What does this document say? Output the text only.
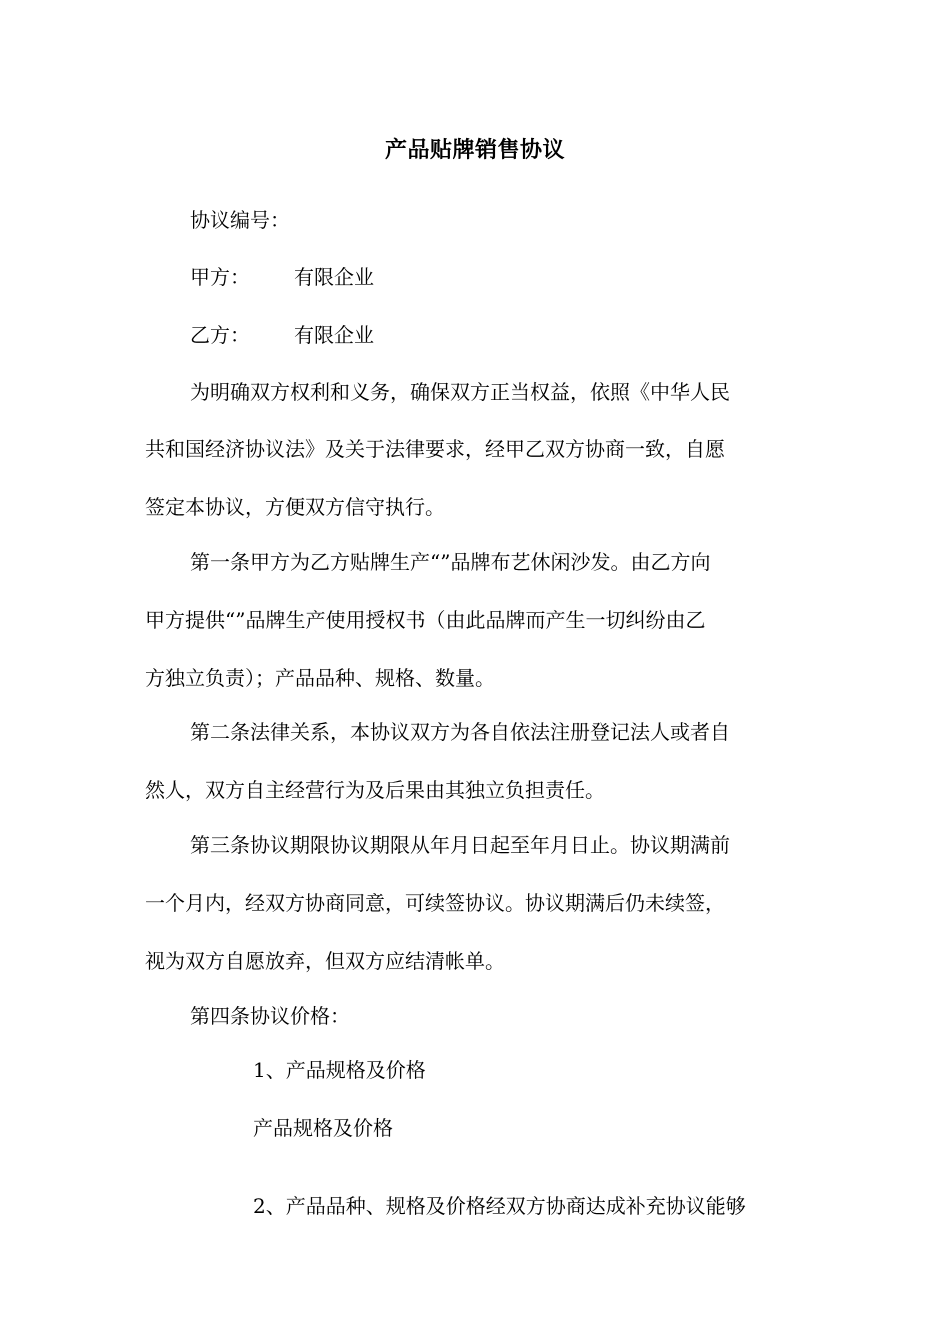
产品贴牌销售协议
协议编号：
甲方： 有限企业
乙方： 有限企业
为明确双方权利和义务，确保双方正当权益，依照《中华人民
共和国经济协议法》及关于法律要求，经甲乙双方协商一致，自愿
签定本协议，方便双方信守执行。
第一条甲方为乙方贴牌生产“”品牌布艺休闲沙发。由乙方向
甲方提供“”品牌生产使用授权书（由此品牌而产生一切纠纷由乙
方独立负责）；产品品种、规格、数量。
第二条法律关系，本协议双方为各自依法注册登记法人或者自
然人，双方自主经营行为及后果由其独立负担责任。
第三条协议期限协议期限从年月日起至年月日止。协议期满前
一个月内，经双方协商同意，可续签协议。协议期满后仍未续签，
视为双方自愿放弃，但双方应结清帐单。
第四条协议价格：
1、产品规格及价格
产品规格及价格
2、产品品种、规格及价格经双方协商达成补充协议能够
